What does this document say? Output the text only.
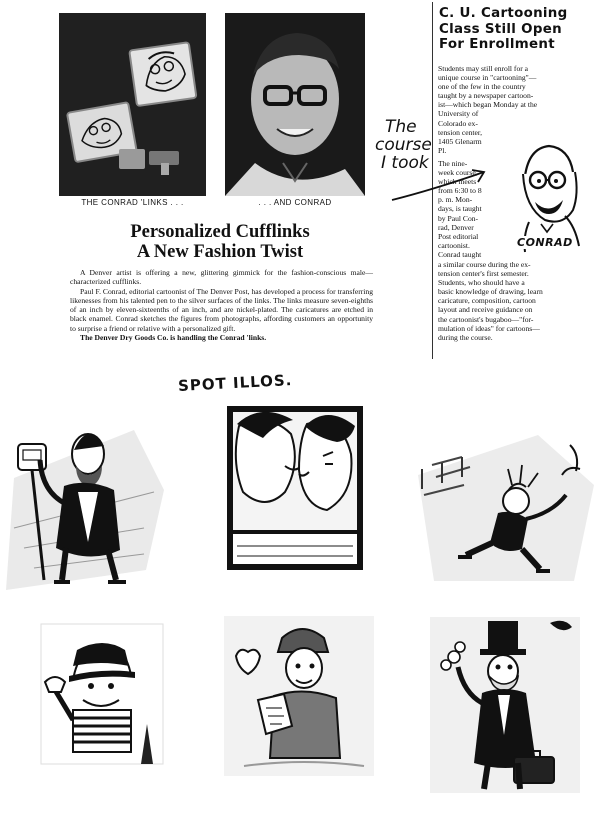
THE CONRAD 'LINKS . . .	. . . AND CONRAD
Personalized Cufflinks
A New Fashion Twist

A Denver artist is offering a new, glittering gimmick for the fashion-conscious male—characterized cufflinks.

Paul F. Conrad, editorial cartoonist of The Denver Post, has developed a process for transferring likenesses from his talented pen to the silver surfaces of the links. The links measure seven-eighths of an inch by eleven-sixteenths of an inch, and are nickel-plated. The caricatures are etched in black enamel. Conrad sketches the figures from photographs, affording customers an opportunity to surprise a friend or relative with a personalized gift.

The Denver Dry Goods Co. is handling the Conrad 'links.

C. U. Cartooning
Class Still Open
For Enrollment
Students may still enroll for a
unique course in "cartooning"—
one of the few in the country
taught by a newspaper cartoon-
ist—which began Monday at the
University of
Colorado ex-
tension center,
1405 Glenarm
Pl.
The nine-
week course,
which meets
from 6:30 to 8
p. m. Mon-
days, is taught
by Paul Con-
rad, Denver
Post editorial
cartoonist.
Conrad taught
a similar course during the ex-
tension center's first semester.
Students, who should have a
basic knowledge of drawing, learn
caricature, composition, cartoon
layout and receive guidance on
the cartoonist's bugaboo—"for-
mulation of ideas" for cartoons—
during the course.
CONRAD
The
course
I took
SPOT ILLOS.
